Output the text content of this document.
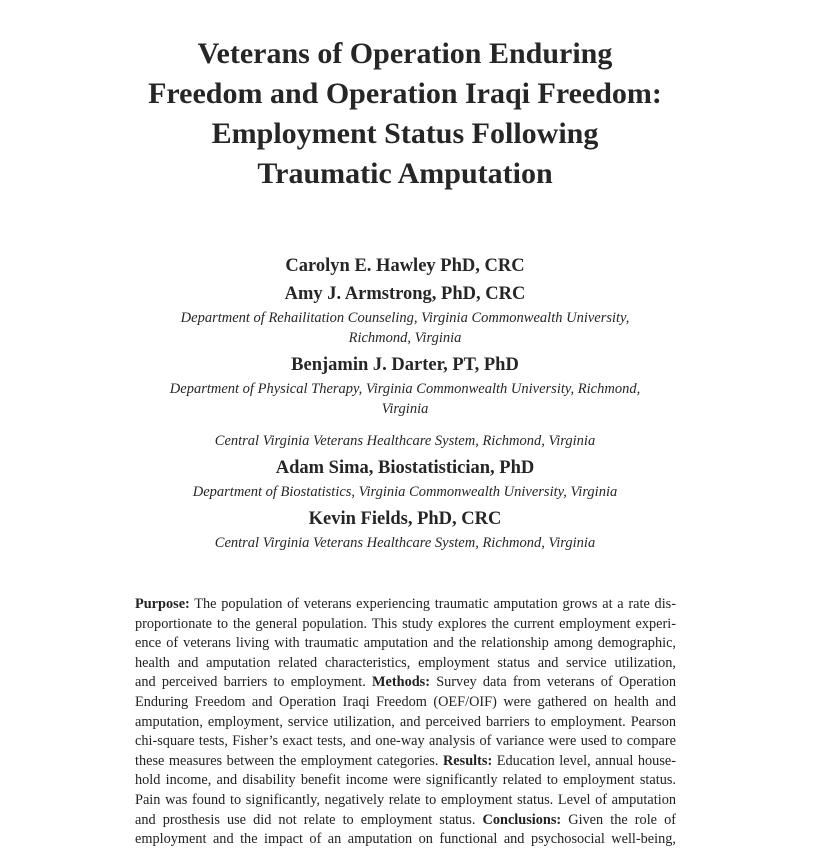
Veterans of Operation Enduring
Freedom and Operation Iraqi Freedom:
Employment Status Following
Traumatic Amputation
Carolyn E. Hawley PhD, CRC
Amy J. Armstrong, PhD, CRC
Department of Rehailitation Counseling, Virginia Commonwealth University,
Richmond, Virginia
Benjamin J. Darter, PT, PhD
Department of Physical Therapy, Virginia Commonwealth University, Richmond,
Virginia
Central Virginia Veterans Healthcare System, Richmond, Virginia
Adam Sima, Biostatistician, PhD
Department of Biostatistics, Virginia Commonwealth University, Virginia
Kevin Fields, PhD, CRC
Central Virginia Veterans Healthcare System, Richmond, Virginia
Purpose: The population of veterans experiencing traumatic amputation grows at a rate dis-
proportionate to the general population. This study explores the current employment experi-
ence of veterans living with traumatic amputation and the relationship among demographic,
health and amputation related characteristics, employment status and service utilization,
and perceived barriers to employment. Methods: Survey data from veterans of Operation
Enduring Freedom and Operation Iraqi Freedom (OEF/OIF) were gathered on health and
amputation, employment, service utilization, and perceived barriers to employment. Pearson
chi-square tests, Fisher’s exact tests, and one-way analysis of variance were used to compare
these measures between the employment categories. Results: Education level, annual house-
hold income, and disability benefit income were significantly related to employment status.
Pain was found to significantly, negatively relate to employment status. Level of amputation
and prosthesis use did not relate to employment status. Conclusions: Given the role of
employment and the impact of an amputation on functional and psychosocial well-being,
